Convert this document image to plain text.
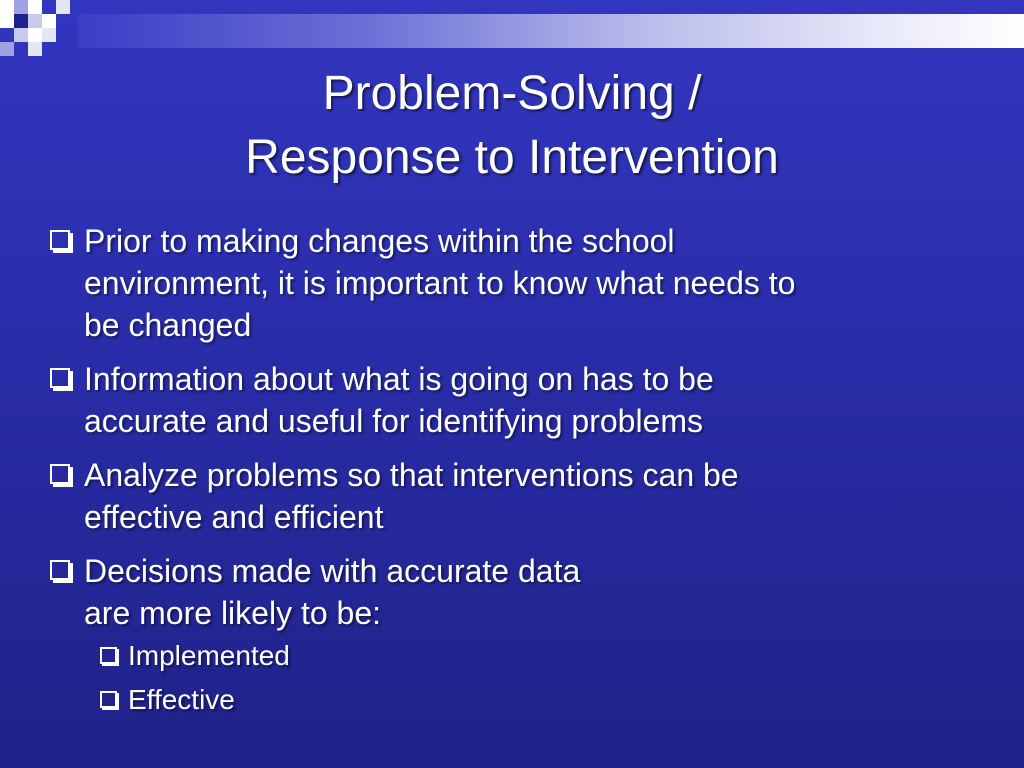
Problem-Solving /
Response to Intervention
Prior to making changes within the school
environment, it is important to know what needs to
be changed
Information about what is going on has to be
accurate and useful for identifying problems
Analyze problems so that interventions can be
effective and efficient
Decisions made with accurate data
are more likely to be:
Implemented
Effective
